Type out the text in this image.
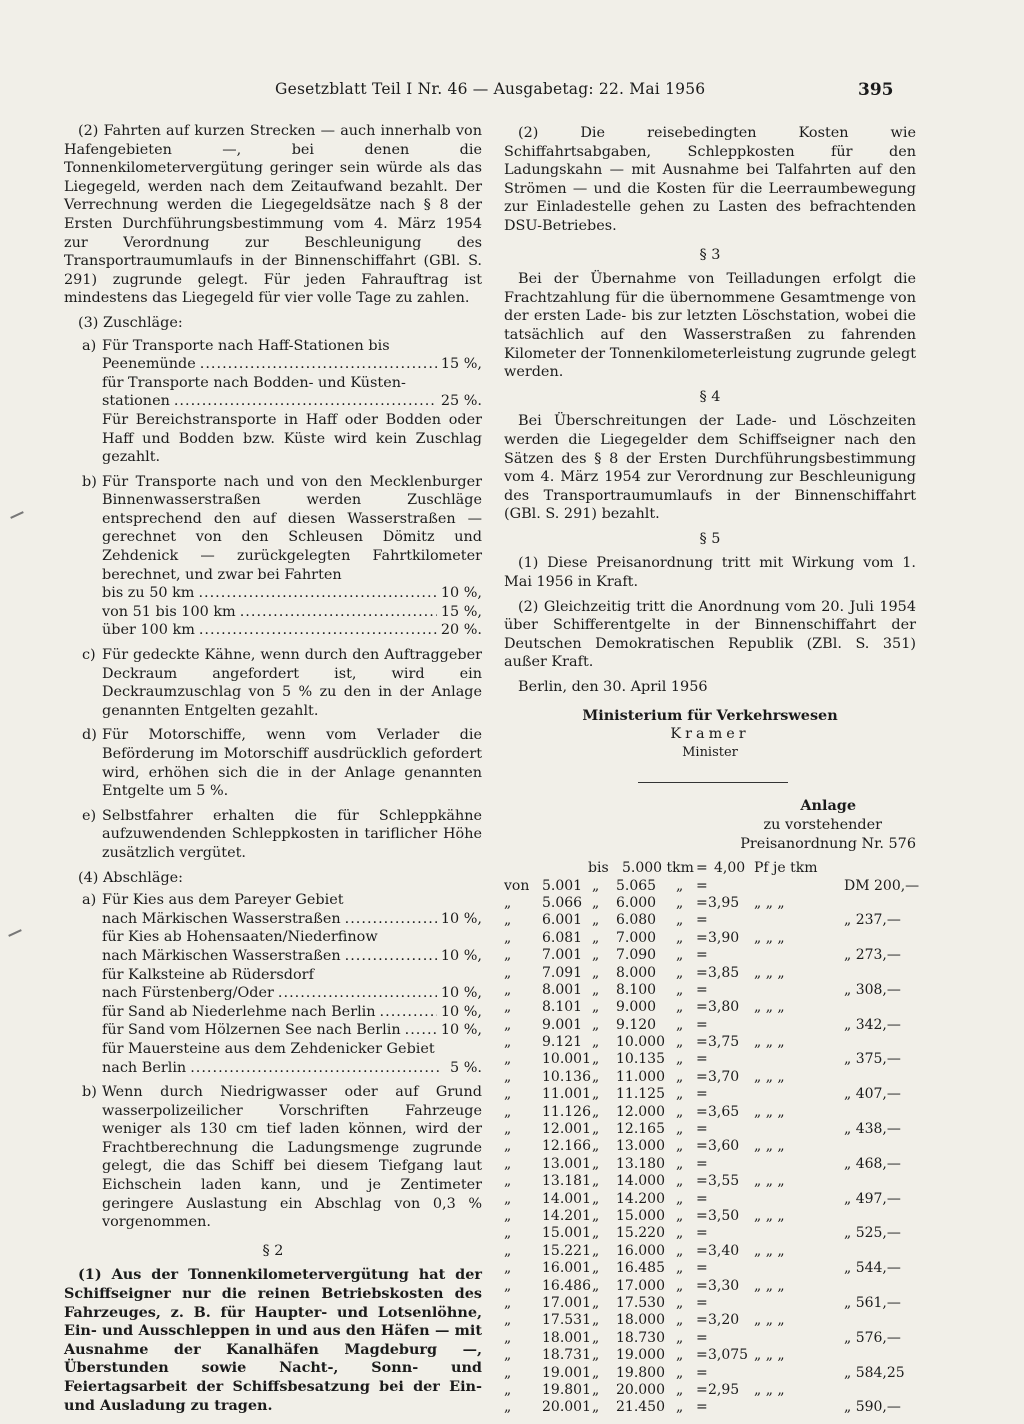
Gesetzblatt Teil I Nr. 46 — Ausgabetag: 22. Mai 1956	395

(2) Fahrten auf kurzen Strecken — auch innerhalb von Hafengebieten —, bei denen die Tonnenkilometervergütung geringer sein würde als das Liegegeld, werden nach dem Zeitaufwand bezahlt. Der Verrechnung werden die Liegegeldsätze nach § 8 der Ersten Durchführungsbestimmung vom 4. März 1954 zur Verordnung zur Beschleunigung des Transportraumumlaufs in der Binnenschiffahrt (GBl. S. 291) zugrunde gelegt. Für jeden Fahrauftrag ist mindestens das Liegegeld für vier volle Tage zu zahlen.

(3) Zuschläge:
a) Für Transporte nach Haff-Stationen bis
Peenemünde .....	15 %,
für Transporte nach Bodden- und Küsten-
stationen .....	25 %.
Für Bereichstransporte in Haff oder Bodden oder Haff und Bodden bzw. Küste wird kein Zuschlag gezahlt.
b) Für Transporte nach und von den Mecklenburger Binnenwasserstraßen werden Zuschläge entsprechend den auf diesen Wasserstraßen — gerechnet von den Schleusen Dömitz und Zehdenick — zurückgelegten Fahrtkilometer berechnet, und zwar bei Fahrten
bis zu 50 km .....	10 %,
von 51 bis 100 km .....	15 %,
über 100 km .....	20 %.
c) Für gedeckte Kähne, wenn durch den Auftraggeber Deckraum angefordert ist, wird ein Deckraumzuschlag von 5 % zu den in der Anlage genannten Entgelten gezahlt.
d) Für Motorschiffe, wenn vom Verlader die Beförderung im Motorschiff ausdrücklich gefordert wird, erhöhen sich die in der Anlage genannten Entgelte um 5 %.
e) Selbstfahrer erhalten die für Schleppkähne aufzuwendenden Schleppkosten in tariflicher Höhe zusätzlich vergütet.
(4) Abschläge:
a) Für Kies aus dem Pareyer Gebiet
nach Märkischen Wasserstraßen .....	10 %,
für Kies ab Hohensaaten/Niederfinow
nach Märkischen Wasserstraßen .....	10 %,
für Kalksteine ab Rüdersdorf
nach Fürstenberg/Oder .....	10 %,
für Sand ab Niederlehme nach Berlin .....	10 %,
für Sand vom Hölzernen See nach Berlin .....	10 %,
für Mauersteine aus dem Zehdenicker Gebiet
nach Berlin .....	5 %.
b) Wenn durch Niedrigwasser oder auf Grund wasserpolizeilicher Vorschriften Fahrzeuge weniger als 130 cm tief laden können, wird der Frachtberechnung die Ladungsmenge zugrunde gelegt, die das Schiff bei diesem Tiefgang laut Eichschein laden kann, und je Zentimeter geringere Auslastung ein Abschlag von 0,3 % vorgenommen.
§ 2

(1) Aus der Tonnenkilometervergütung hat der Schiffseigner nur die reinen Betriebskosten des Fahrzeuges, z. B. für Haupter- und Lotsenlöhne, Ein- und Ausschleppen in und aus den Häfen — mit Ausnahme der Kanalhäfen Magdeburg —, Überstunden sowie Nacht-, Sonn- und Feiertagsarbeit der Schiffsbesatzung bei der Ein- und Ausladung zu tragen.

(2) Die reisebedingten Kosten wie Schiffahrtsabgaben, Schleppkosten für den Ladungskahn — mit Ausnahme bei Talfahrten auf den Strömen — und die Kosten für die Leerraumbewegung zur Einladestelle gehen zu Lasten des befrachtenden DSU-Betriebes.

§ 3

Bei der Übernahme von Teilladungen erfolgt die Frachtzahlung für die übernommene Gesamtmenge von der ersten Lade- bis zur letzten Löschstation, wobei die tatsächlich auf den Wasserstraßen zu fahrenden Kilometer der Tonnenkilometerleistung zugrunde gelegt werden.

§ 4

Bei Überschreitungen der Lade- und Löschzeiten werden die Liegegelder dem Schiffseigner nach den Sätzen des § 8 der Ersten Durchführungsbestimmung vom 4. März 1954 zur Verordnung zur Beschleunigung des Transportraumumlaufs in der Binnenschiffahrt (GBl. S. 291) bezahlt.

§ 5

(1) Diese Preisanordnung tritt mit Wirkung vom 1. Mai 1956 in Kraft.

(2) Gleichzeitig tritt die Anordnung vom 20. Juli 1954 über Schifferentgelte in der Binnenschiffahrt der Deutschen Demokratischen Republik (ZBl. S. 351) außer Kraft.

Berlin, den 30. April 1956
Ministerium für Verkehrswesen
Kramer
Minister
Anlage
zu vorstehender
Preisanordnung Nr. 576
bis 5.000 tkm = 4,00 Pf je tkm
von 5.001 „ 5.065 „ =	DM 200,—
„ 5.066 „ 6.000 „ = 3,95 „ „ „
„ 6.001 „ 6.080 „ =	„ 237,—
„ 6.081 „ 7.000 „ = 3,90 „ „ „
„ 7.001 „ 7.090 „ =	„ 273,—
„ 7.091 „ 8.000 „ = 3,85 „ „ „
„ 8.001 „ 8.100 „ =	„ 308,—
„ 8.101 „ 9.000 „ = 3,80 „ „ „
„ 9.001 „ 9.120 „ =	„ 342,—
„ 9.121 „ 10.000 „ = 3,75 „ „ „
„ 10.001 „ 10.135 „ =	„ 375,—
„ 10.136 „ 11.000 „ = 3,70 „ „ „
„ 11.001 „ 11.125 „ =	„ 407,—
„ 11.126 „ 12.000 „ = 3,65 „ „ „
„ 12.001 „ 12.165 „ =	„ 438,—
„ 12.166 „ 13.000 „ = 3,60 „ „ „
„ 13.001 „ 13.180 „ =	„ 468,—
„ 13.181 „ 14.000 „ = 3,55 „ „ „
„ 14.001 „ 14.200 „ =	„ 497,—
„ 14.201 „ 15.000 „ = 3,50 „ „ „
„ 15.001 „ 15.220 „ =	„ 525,—
„ 15.221 „ 16.000 „ = 3,40 „ „ „
„ 16.001 „ 16.485 „ =	„ 544,—
„ 16.486 „ 17.000 „ = 3,30 „ „ „
„ 17.001 „ 17.530 „ =	„ 561,—
„ 17.531 „ 18.000 „ = 3,20 „ „ „
„ 18.001 „ 18.730 „ =	„ 576,—
„ 18.731 „ 19.000 „ = 3,075 „ „ „
„ 19.001 „ 19.800 „ =	„ 584,25
„ 19.801 „ 20.000 „ = 2,95 „ „ „
„ 20.001 „ 21.450 „ =	„ 590,—
